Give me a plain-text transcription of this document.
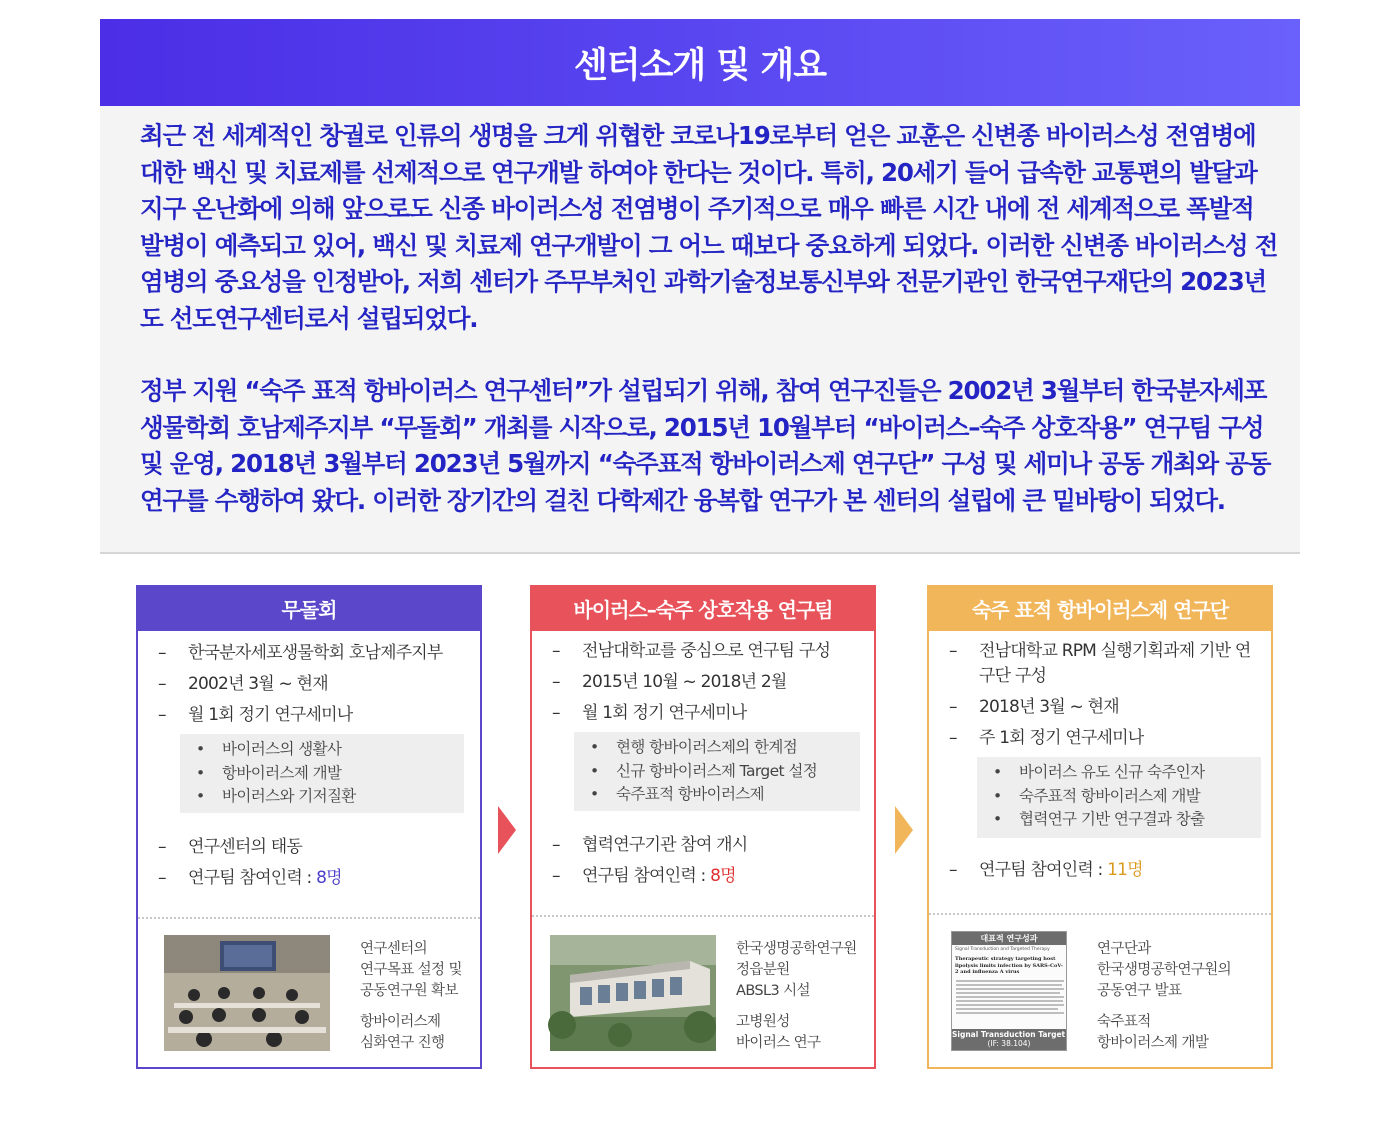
센터소개 및 개요

최근 전 세계적인 창궐로 인류의 생명을 크게 위협한 코로나19로부터 얻은 교훈은 신변종 바이러스성 전염병에 대한 백신 및 치료제를 선제적으로 연구개발 하여야 한다는 것이다. 특히, 20세기 들어 급속한 교통편의 발달과 지구 온난화에 의해 앞으로도 신종 바이러스성 전염병이 주기적으로 매우 빠른 시간 내에 전 세계적으로 폭발적 발병이 예측되고 있어, 백신 및 치료제 연구개발이 그 어느 때보다 중요하게 되었다. 이러한 신변종 바이러스성 전염병의 중요성을 인정받아, 저희 센터가 주무부처인 과학기술정보통신부와 전문기관인 한국연구재단의 2023년도 선도연구센터로서 설립되었다.

정부 지원 “숙주 표적 항바이러스 연구센터”가 설립되기 위해, 참여 연구진들은 2002년 3월부터 한국분자세포생물학회 호남제주지부 “무돌회” 개최를 시작으로, 2015년 10월부터 “바이러스–숙주 상호작용” 연구팀 구성 및 운영, 2018년 3월부터 2023년 5월까지 “숙주표적 항바이러스제 연구단” 구성 및 세미나 공동 개최와 공동연구를 수행하여 왔다. 이러한 장기간의 걸친 다학제간 융복합 연구가 본 센터의 설립에 큰 밑바탕이 되었다.

무돌회
– 한국분자세포생물학회 호남제주지부
– 2002년 3월 ~ 현재
– 월 1회 정기 연구세미나
• 바이러스의 생활사
• 항바이러스제 개발
• 바이러스와 기저질환
– 연구센터의 태동
– 연구팀 참여인력 : 8명

연구센터의
연구목표 설정 및
공동연구원 확보

항바이러스제
심화연구 진행

바이러스–숙주 상호작용 연구팀
– 전남대학교를 중심으로 연구팀 구성
– 2015년 10월 ~ 2018년 2월
– 월 1회 정기 연구세미나
• 현행 항바이러스제의 한계점
• 신규 항바이러스제 Target 설정
• 숙주표적 항바이러스제
– 협력연구기관 참여 개시
– 연구팀 참여인력 : 8명

한국생명공학연구원
정읍분원
ABSL3 시설

고병원성
바이러스 연구

숙주 표적 항바이러스제 연구단
– 전남대학교 RPM 실행기획과제 기반 연구단 구성
– 2018년 3월 ~ 현재
– 주 1회 정기 연구세미나
• 바이러스 유도 신규 숙주인자
• 숙주표적 항바이러스제 개발
• 협력연구 기반 연구결과 창출
– 연구팀 참여인력 : 11명
대표적 연구성과
Signal Transduction and Targeted Therapy
Therapeutic strategy targeting host lipolysis limits infection by SARS-CoV-2 and influenza A virus
Signal Transduction Target Ther
(IF: 38.104)

연구단과
한국생명공학연구원의
공동연구 발표

숙주표적
항바이러스제 개발
